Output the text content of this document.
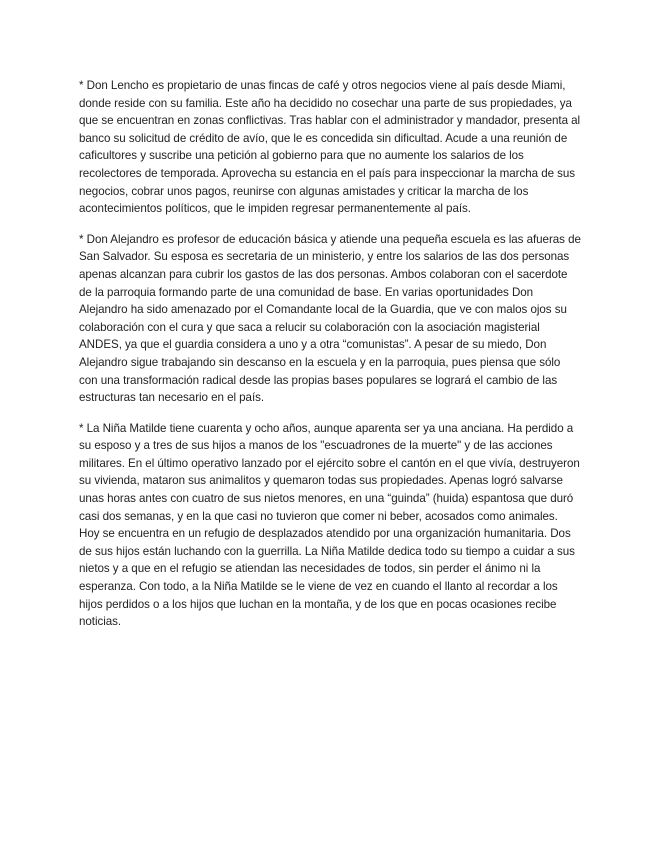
* Don Lencho es propietario de unas fincas de café y otros negocios viene al país desde Miami, donde reside con su familia. Este año ha decidido no cosechar una parte de sus propiedades, ya que se encuentran en zonas conflictivas. Tras hablar con el administrador y mandador, presenta al banco su solicitud de crédito de avío, que le es concedida sin dificultad. Acude a una reunión de caficultores y suscribe una petición al gobierno para que no aumente los salarios de los recolectores de temporada. Aprovecha su estancia en el país para inspeccionar la marcha de sus negocios, cobrar unos pagos, reunirse con algunas amistades y criticar la marcha de los acontecimientos políticos, que le impiden regresar permanentemente al país.

* Don Alejandro es profesor de educación básica y atiende una pequeña escuela es las afueras de San Salvador. Su esposa es secretaria de un ministerio, y entre los salarios de las dos personas apenas alcanzan para cubrir los gastos de las dos personas. Ambos colaboran con el sacerdote de la parroquia formando parte de una comunidad de base. En varias oportunidades Don Alejandro ha sido amenazado por el Comandante local de la Guardia, que ve con malos ojos su colaboración con el cura y que saca a relucir su colaboración con la asociación magisterial ANDES, ya que el guardia considera a uno y a otra “comunistas”. A pesar de su miedo, Don Alejandro sigue trabajando sin descanso en la escuela y en la parroquia, pues piensa que sólo con una transformación radical desde las propias bases populares se logrará el cambio de las estructuras tan necesario en el país.

* La Niña Matilde tiene cuarenta y ocho años, aunque aparenta ser ya una anciana. Ha perdido a su esposo y a tres de sus hijos a manos de los "escuadrones de la muerte" y de las acciones militares. En el último operativo lanzado por el ejército sobre el cantón en el que vivía, destruyeron su vivienda, mataron sus animalitos y quemaron todas sus propiedades. Apenas logró salvarse unas horas antes con cuatro de sus nietos menores, en una “guinda” (huida) espantosa que duró casi dos semanas, y en la que casi no tuvieron que comer ni beber, acosados como animales. Hoy se encuentra en un refugio de desplazados atendido por una organización humanitaria. Dos de sus hijos están luchando con la guerrilla. La Niña Matilde dedica todo su tiempo a cuidar a sus nietos y a que en el refugio se atiendan las necesidades de todos, sin perder el ánimo ni la esperanza. Con todo, a la Niña Matilde se le viene de vez en cuando el llanto al recordar a los hijos perdidos o a los hijos que luchan en la montaña, y de los que en pocas ocasiones recibe noticias.
